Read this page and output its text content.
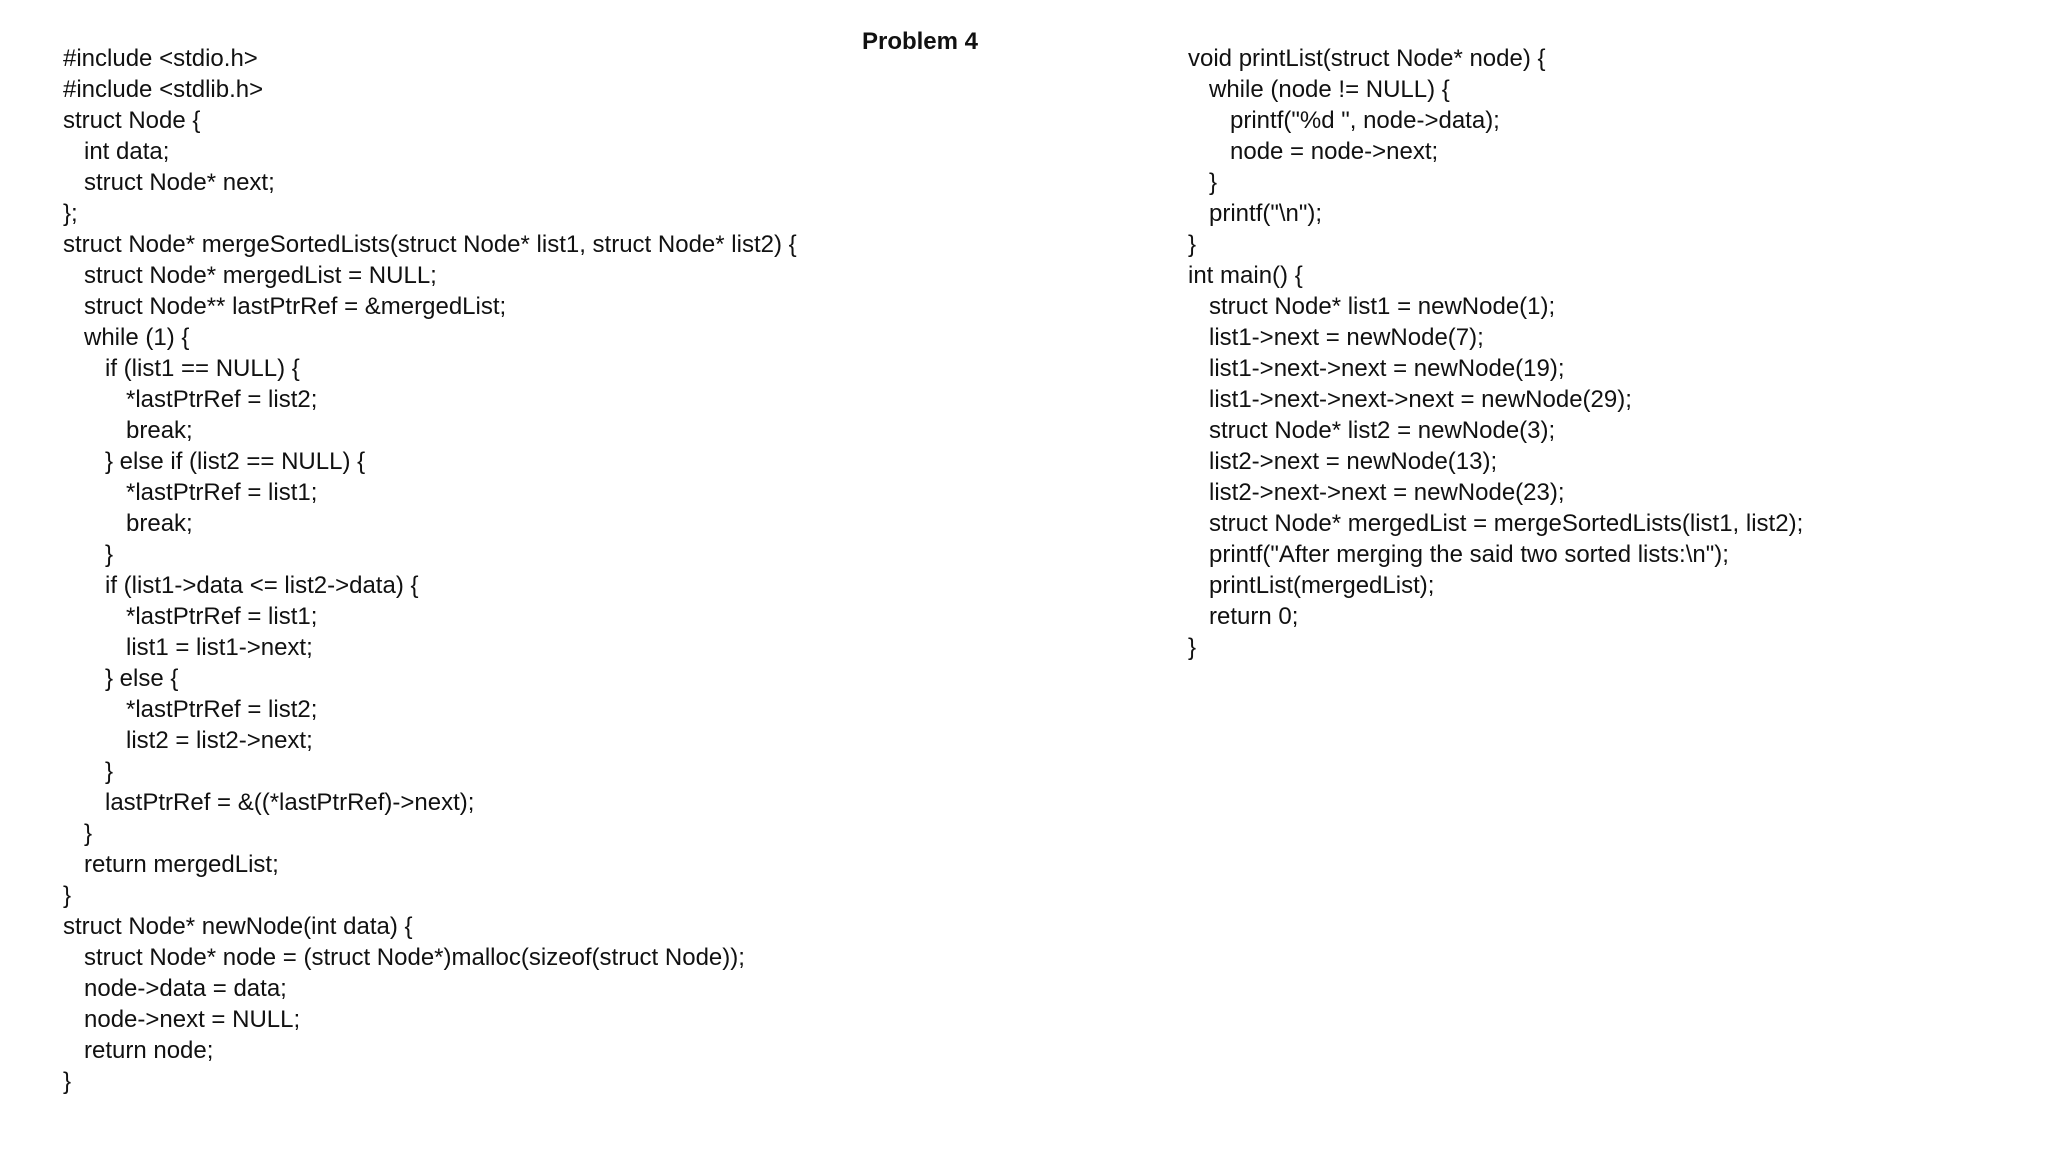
Problem 4
#include <stdio.h>
#include <stdlib.h>
struct Node {
int data;
struct Node* next;
};
struct Node* mergeSortedLists(struct Node* list1, struct Node* list2) {
struct Node* mergedList = NULL;
struct Node** lastPtrRef = &mergedList;
while (1) {
if (list1 == NULL) {
*lastPtrRef = list2;
break;
} else if (list2 == NULL) {
*lastPtrRef = list1;
break;
}
if (list1->data <= list2->data) {
*lastPtrRef = list1;
list1 = list1->next;
} else {
*lastPtrRef = list2;
list2 = list2->next;
}
lastPtrRef = &((*lastPtrRef)->next);
}
return mergedList;
}
struct Node* newNode(int data) {
struct Node* node = (struct Node*)malloc(sizeof(struct Node));
node->data = data;
node->next = NULL;
return node;
}
void printList(struct Node* node) {
while (node != NULL) {
printf("%d ", node->data);
node = node->next;
}
printf("\n");
}
int main() {
struct Node* list1 = newNode(1);
list1->next = newNode(7);
list1->next->next = newNode(19);
list1->next->next->next = newNode(29);
struct Node* list2 = newNode(3);
list2->next = newNode(13);
list2->next->next = newNode(23);
struct Node* mergedList = mergeSortedLists(list1, list2);
printf("After merging the said two sorted lists:\n");
printList(mergedList);
return 0;
}
